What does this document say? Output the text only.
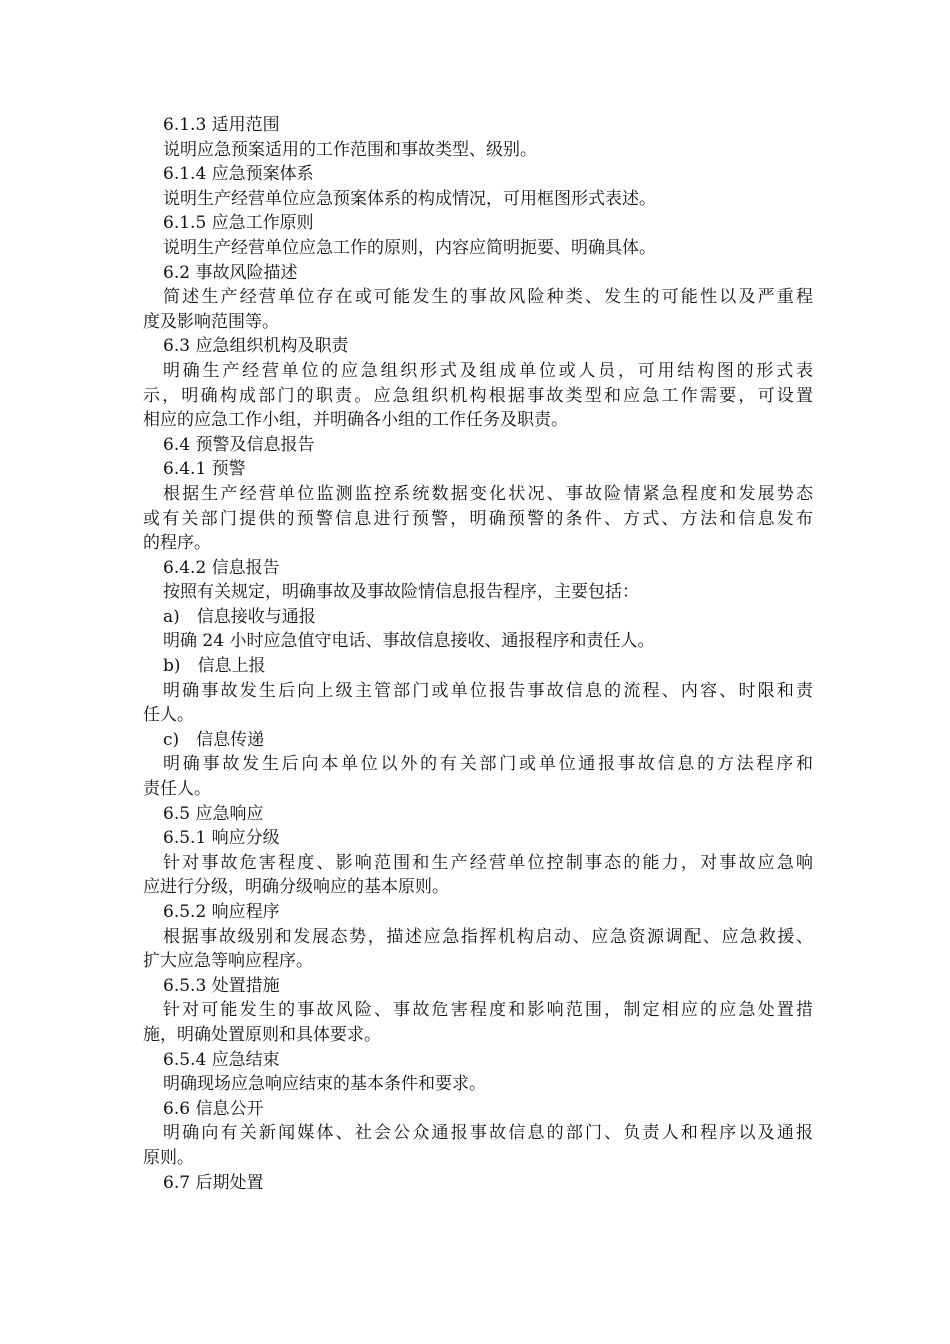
6.1.3 适用范围

说明应急预案适用的工作范围和事故类型、级别。

6.1.4 应急预案体系

说明生产经营单位应急预案体系的构成情况，可用框图形式表述。

6.1.5 应急工作原则

说明生产经营单位应急工作的原则，内容应简明扼要、明确具体。

6.2 事故风险描述

简述生产经营单位存在或可能发生的事故风险种类、发生的可能性以及严重程

度及影响范围等。

6.3 应急组织机构及职责

明确生产经营单位的应急组织形式及组成单位或人员，可用结构图的形式表

示，明确构成部门的职责。应急组织机构根据事故类型和应急工作需要，可设置

相应的应急工作小组，并明确各小组的工作任务及职责。

6.4 预警及信息报告

6.4.1 预警

根据生产经营单位监测监控系统数据变化状况、事故险情紧急程度和发展势态

或有关部门提供的预警信息进行预警，明确预警的条件、方式、方法和信息发布

的程序。

6.4.2 信息报告

按照有关规定，明确事故及事故险情信息报告程序，主要包括：

a)　信息接收与通报

明确 24 小时应急值守电话、事故信息接收、通报程序和责任人。

b)　信息上报

明确事故发生后向上级主管部门或单位报告事故信息的流程、内容、时限和责

任人。

c)　信息传递

明确事故发生后向本单位以外的有关部门或单位通报事故信息的方法程序和

责任人。

6.5 应急响应

6.5.1 响应分级

针对事故危害程度、影响范围和生产经营单位控制事态的能力，对事故应急响

应进行分级，明确分级响应的基本原则。

6.5.2 响应程序

根据事故级别和发展态势，描述应急指挥机构启动、应急资源调配、应急救援、

扩大应急等响应程序。

6.5.3 处置措施

针对可能发生的事故风险、事故危害程度和影响范围，制定相应的应急处置措

施，明确处置原则和具体要求。

6.5.4 应急结束

明确现场应急响应结束的基本条件和要求。

6.6 信息公开

明确向有关新闻媒体、社会公众通报事故信息的部门、负责人和程序以及通报

原则。

6.7 后期处置
